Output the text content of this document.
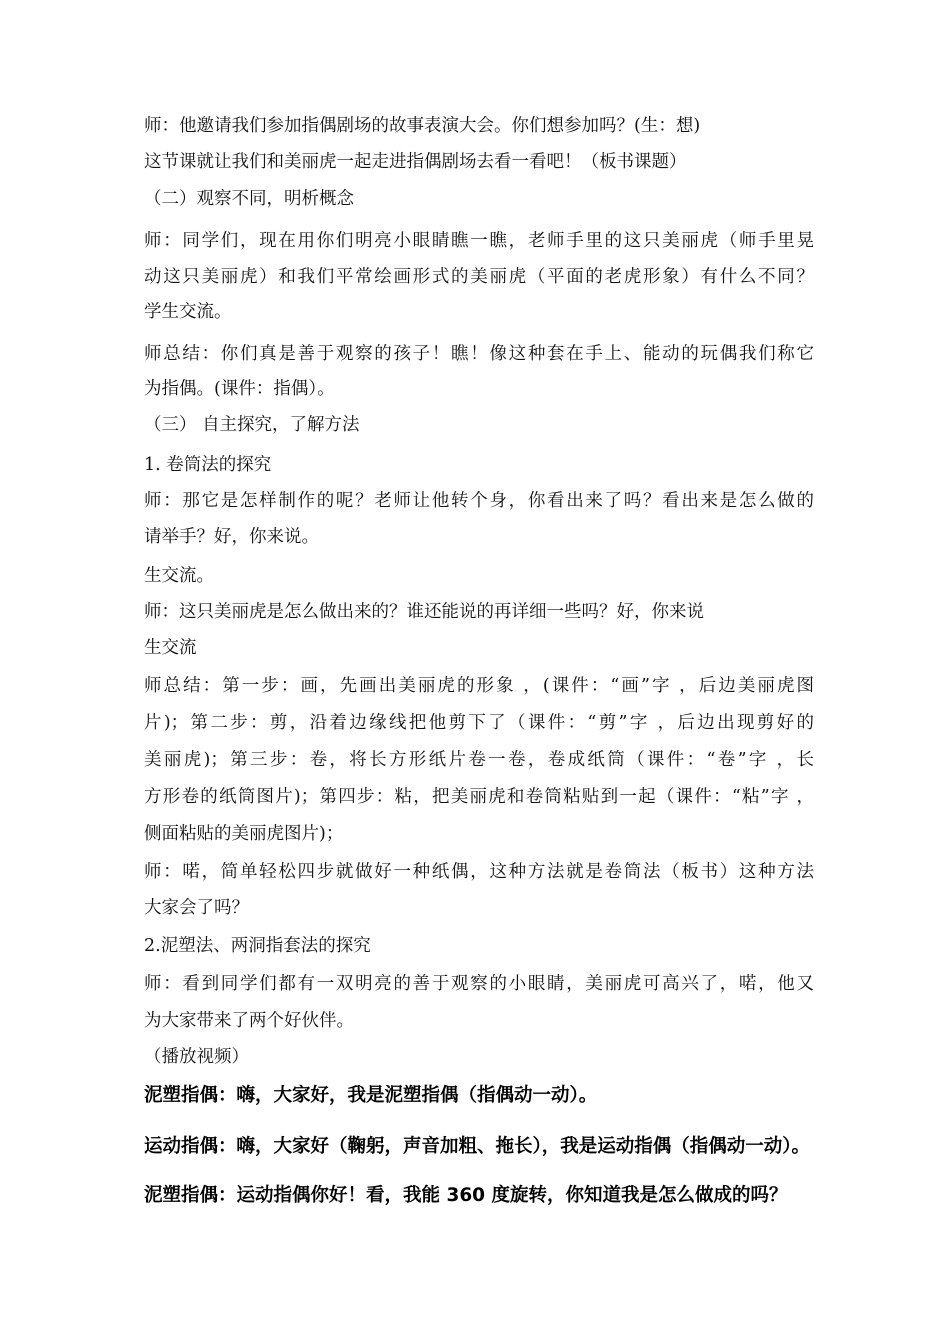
师：他邀请我们参加指偶剧场的故事表演大会。你们想参加吗？(生：想)
这节课就让我们和美丽虎一起走进指偶剧场去看一看吧！（板书课题）
（二）观察不同，明析概念
师：同学们，现在用你们明亮小眼睛瞧一瞧，老师手里的这只美丽虎（师手里晃
动这只美丽虎）和我们平常绘画形式的美丽虎（平面的老虎形象）有什么不同？
学生交流。
师总结：你们真是善于观察的孩子！瞧！像这种套在手上、能动的玩偶我们称它
为指偶。(课件：指偶）。
（三） 自主探究，了解方法
1. 卷筒法的探究
师：那它是怎样制作的呢？老师让他转个身，你看出来了吗？看出来是怎么做的
请举手？好，你来说。
生交流。
师：这只美丽虎是怎么做出来的？谁还能说的再详细一些吗？好，你来说
生交流
师总结：第一步：画，先画出美丽虎的形象 ，(课件：“画”字 ，后边美丽虎图
片)；第二步：剪，沿着边缘线把他剪下了（课件：“剪”字 ，后边出现剪好的
美丽虎)；第三步：卷，将长方形纸片卷一卷，卷成纸筒（课件：“卷”字 ，长
方形卷的纸筒图片)；第四步：粘，把美丽虎和卷筒粘贴到一起（课件：“粘”字 ，
侧面粘贴的美丽虎图片)；
师：喏，简单轻松四步就做好一种纸偶，这种方法就是卷筒法（板书）这种方法
大家会了吗？
2.泥塑法、两洞指套法的探究
师：看到同学们都有一双明亮的善于观察的小眼睛，美丽虎可高兴了，喏，他又
为大家带来了两个好伙伴。
（播放视频）
泥塑指偶：嗨，大家好，我是泥塑指偶（指偶动一动）。
运动指偶：嗨，大家好（鞠躬，声音加粗、拖长），我是运动指偶（指偶动一动）。
泥塑指偶：运动指偶你好！看，我能 360 度旋转，你知道我是怎么做成的吗？
